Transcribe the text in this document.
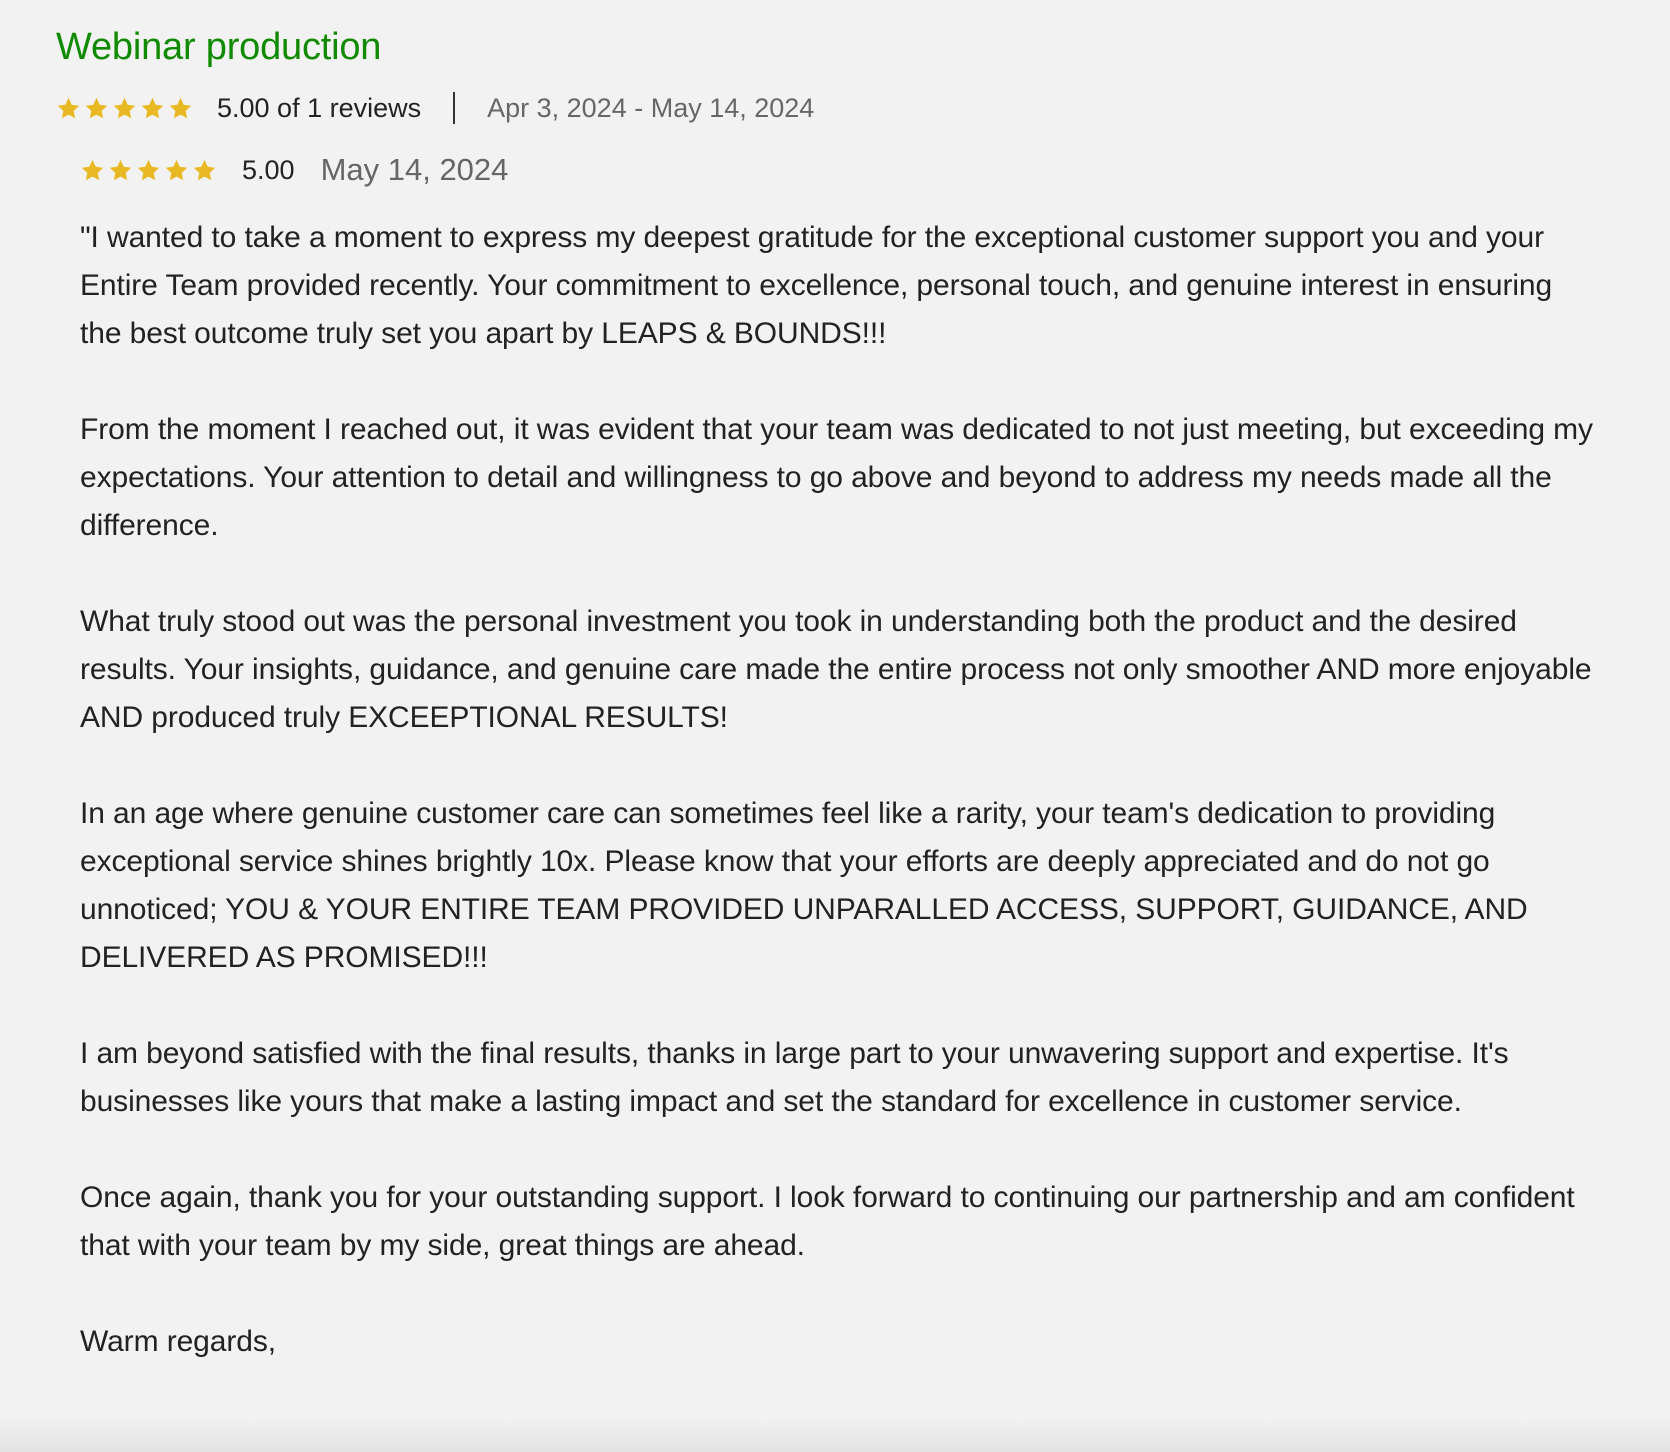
Webinar production
5.00 of 1 reviews Apr 3, 2024 - May 14, 2024
5.00 May 14, 2024

"I wanted to take a moment to express my deepest gratitude for the exceptional customer support you and your Entire Team provided recently. Your commitment to excellence, personal touch, and genuine interest in ensuring the best outcome truly set you apart by LEAPS & BOUNDS!!!

From the moment I reached out, it was evident that your team was dedicated to not just meeting, but exceeding my expectations. Your attention to detail and willingness to go above and beyond to address my needs made all the difference.

What truly stood out was the personal investment you took in understanding both the product and the desired results. Your insights, guidance, and genuine care made the entire process not only smoother AND more enjoyable AND produced truly EXCEEPTIONAL RESULTS!

In an age where genuine customer care can sometimes feel like a rarity, your team's dedication to providing exceptional service shines brightly 10x. Please know that your efforts are deeply appreciated and do not go unnoticed; YOU & YOUR ENTIRE TEAM PROVIDED UNPARALLED ACCESS, SUPPORT, GUIDANCE, AND DELIVERED AS PROMISED!!!

I am beyond satisfied with the final results, thanks in large part to your unwavering support and expertise. It's businesses like yours that make a lasting impact and set the standard for excellence in customer service.

Once again, thank you for your outstanding support. I look forward to continuing our partnership and am confident that with your team by my side, great things are ahead.

Warm regards,
